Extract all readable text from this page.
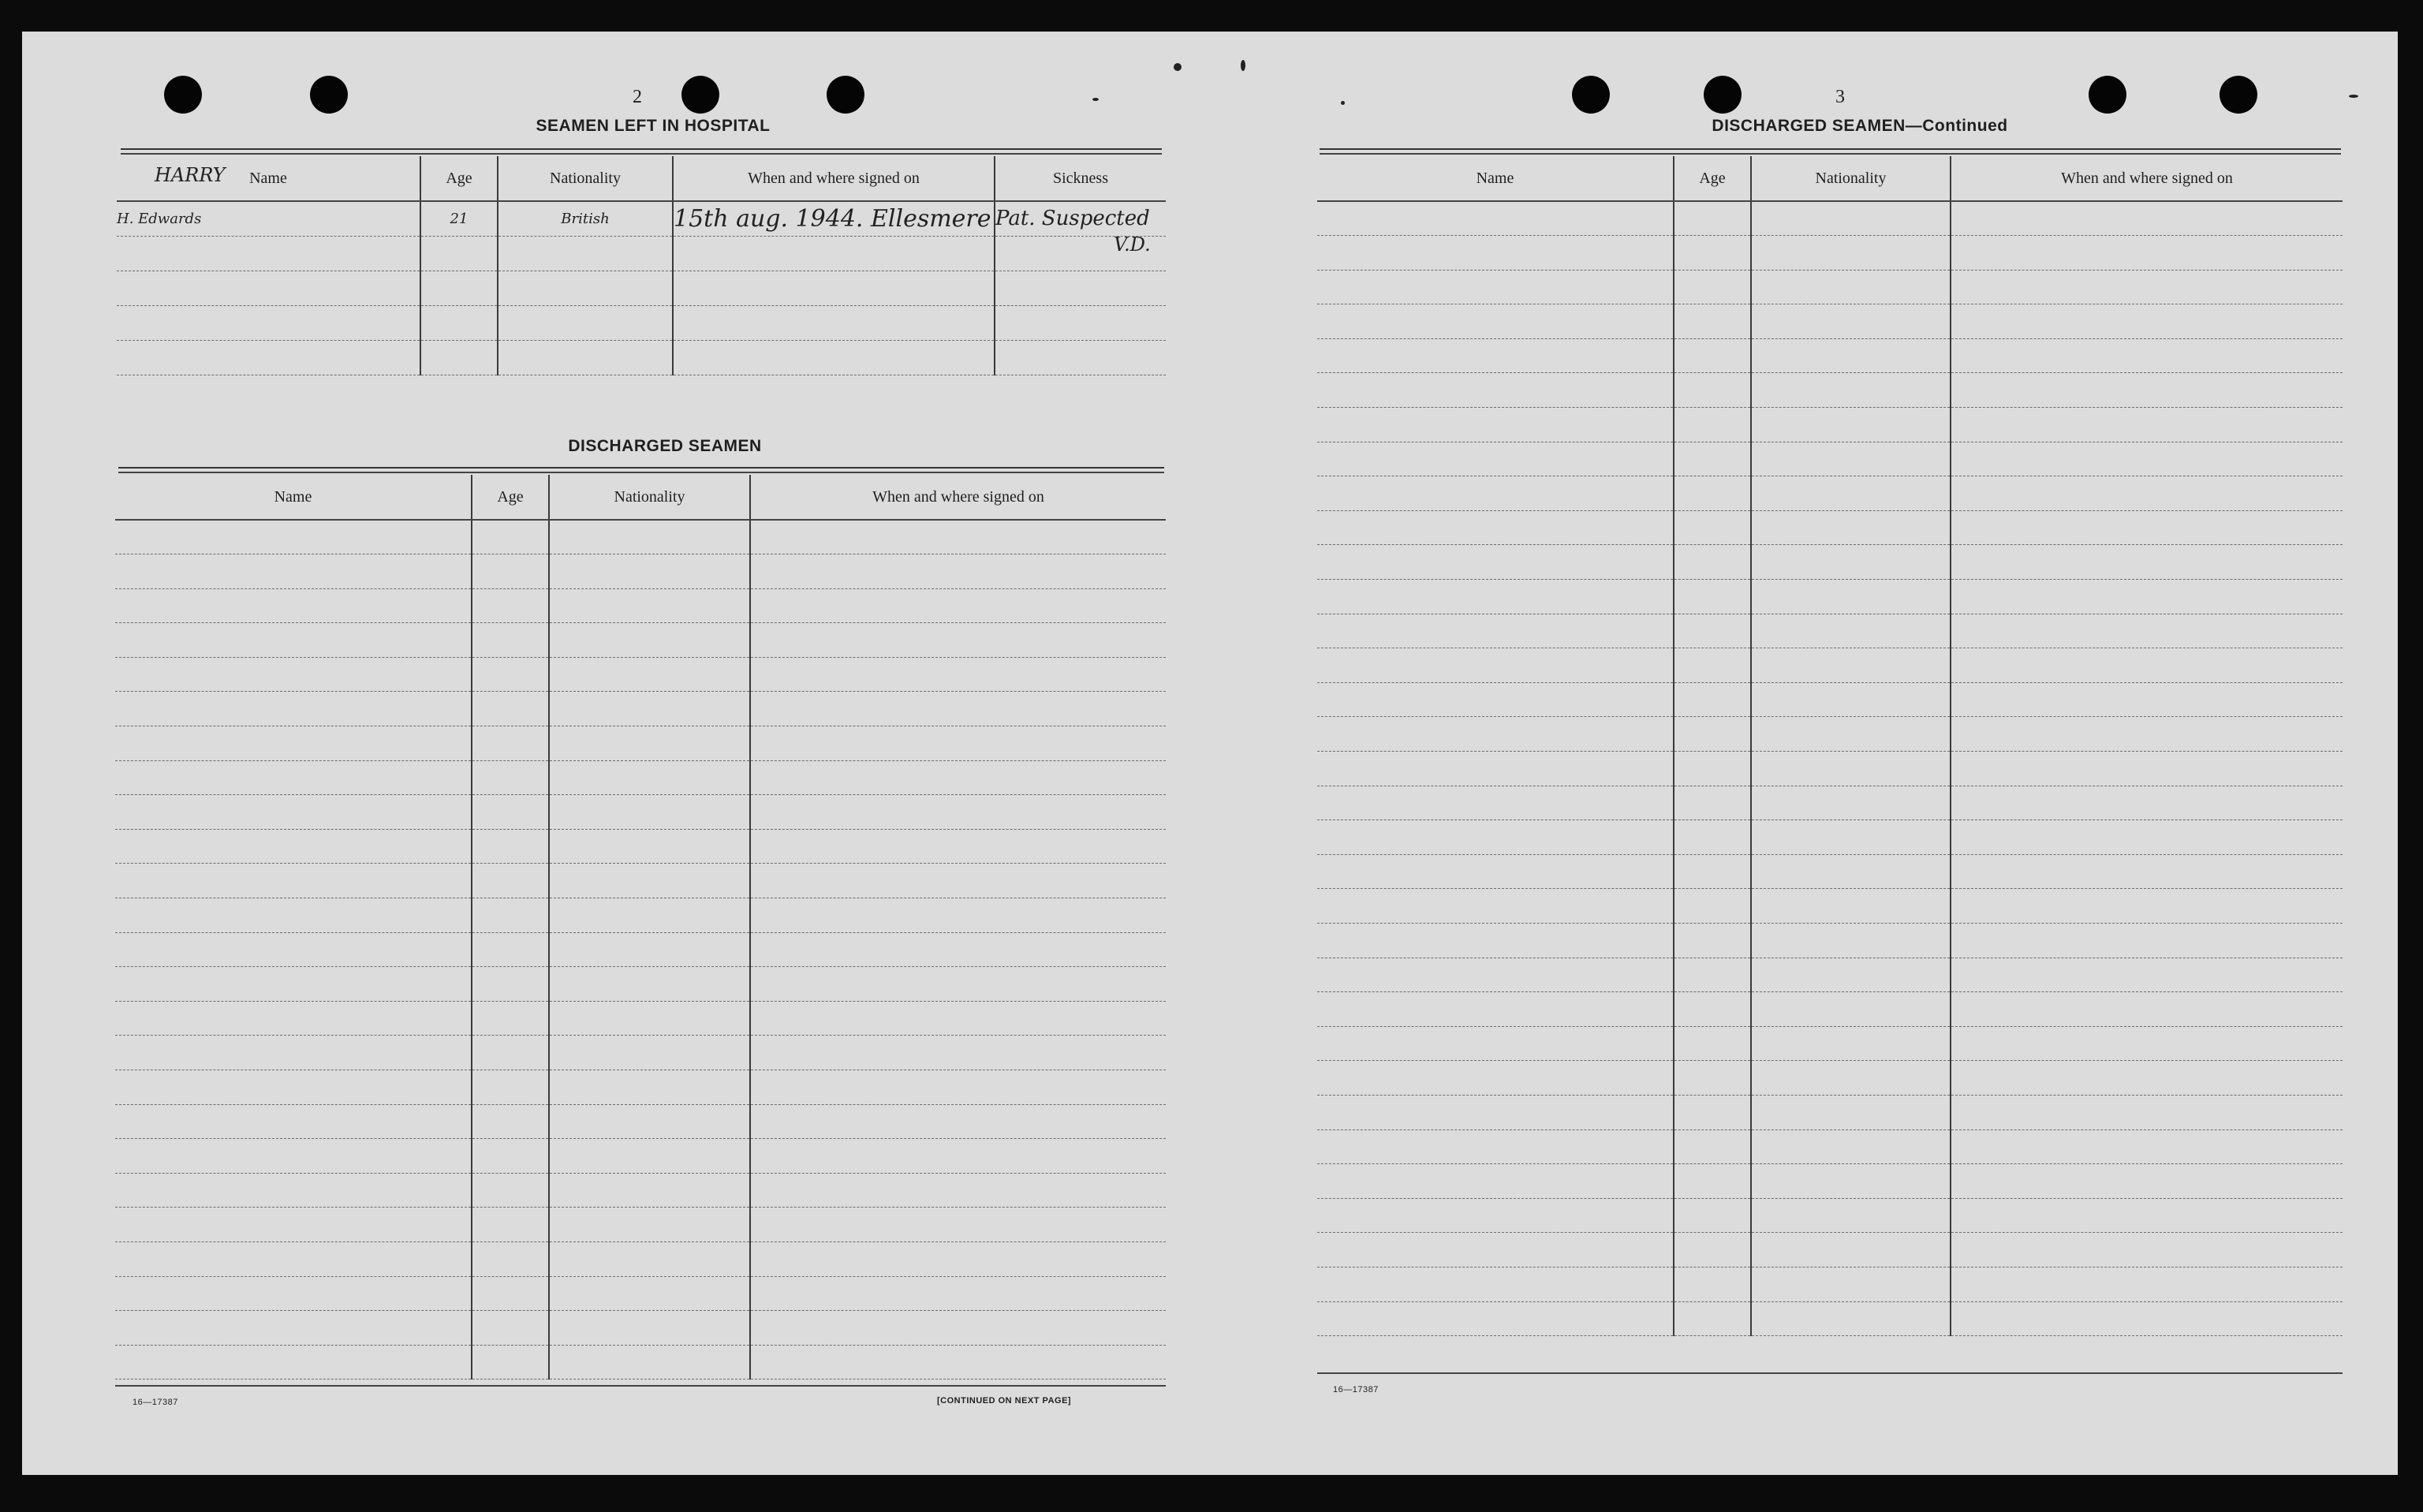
2
SEAMEN LEFT IN HOSPITAL
Name	Age	Nationality	When and where signed on	Sickness

HARRY
H. Edwards	21	British	15th aug. 1944. Ellesmere	Pat. Suspected
V.D.

DISCHARGED SEAMEN
Name	Age	Nationality	When and where signed on

16—17387	[CONTINUED ON NEXT PAGE]
3
DISCHARGED SEAMEN—Continued
Name	Age	Nationality	When and where signed on

16—17387
